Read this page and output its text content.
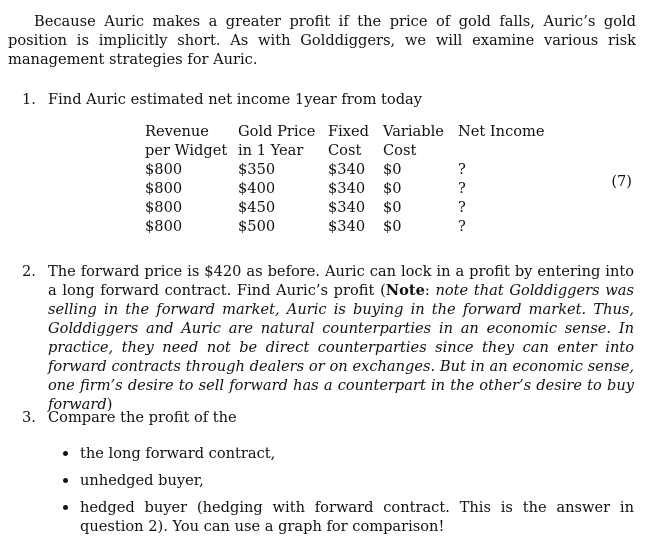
Because Auric makes a greater profit if the price of gold falls, Auric’s gold position is implicitly short. As with Golddiggers, we will examine various risk management strategies for Auric.
1. Find Auric estimated net income 1year from today
Revenue	Gold Price	Fixed	Variable	Net Income
per Widget	in 1 Year	Cost	Cost	
$800	$350	$340	$0	?
$800	$400	$340	$0	?
$800	$450	$340	$0	?
$800	$500	$340	$0	?
(7)
2. The forward price is $420 as before. Auric can lock in a profit by entering into a long forward contract. Find Auric’s profit (Note: note that Golddiggers was selling in the forward market, Auric is buying in the forward market. Thus, Golddiggers and Auric are natural counterparties in an economic sense. In practice, they need not be direct counterparties since they can enter into forward contracts through dealers or on exchanges. But in an economic sense, one firm’s desire to sell forward has a counterpart in the other’s desire to buy forward)
3. Compare the profit of the
the long forward contract,
unhedged buyer,
hedged buyer (hedging with forward contract. This is the answer in question 2). You can use a graph for comparison!
